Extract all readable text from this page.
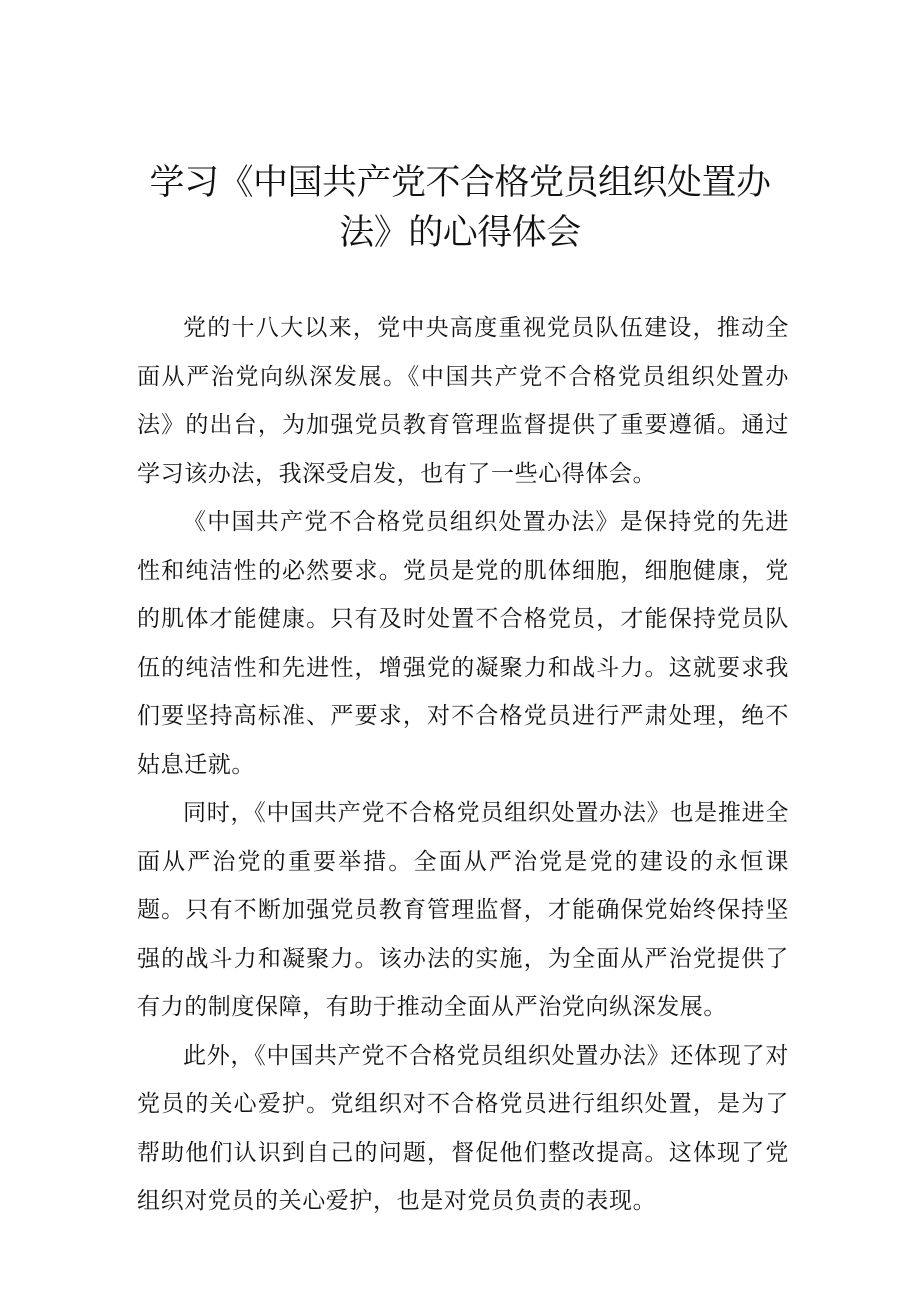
学习《中国共产党不合格党员组织处置办
法》的心得体会

党的十八大以来，党中央高度重视党员队伍建设，推动全面从严治党向纵深发展。《中国共产党不合格党员组织处置办法》的出台，为加强党员教育管理监督提供了重要遵循。通过学习该办法，我深受启发，也有了一些心得体会。

《中国共产党不合格党员组织处置办法》是保持党的先进性和纯洁性的必然要求。党员是党的肌体细胞，细胞健康，党的肌体才能健康。只有及时处置不合格党员，才能保持党员队伍的纯洁性和先进性，增强党的凝聚力和战斗力。这就要求我们要坚持高标准、严要求，对不合格党员进行严肃处理，绝不姑息迁就。

同时，《中国共产党不合格党员组织处置办法》也是推进全面从严治党的重要举措。全面从严治党是党的建设的永恒课题。只有不断加强党员教育管理监督，才能确保党始终保持坚强的战斗力和凝聚力。该办法的实施，为全面从严治党提供了有力的制度保障，有助于推动全面从严治党向纵深发展。

此外，《中国共产党不合格党员组织处置办法》还体现了对党员的关心爱护。党组织对不合格党员进行组织处置，是为了帮助他们认识到自己的问题，督促他们整改提高。这体现了党组织对党员的关心爱护，也是对党员负责的表现。
